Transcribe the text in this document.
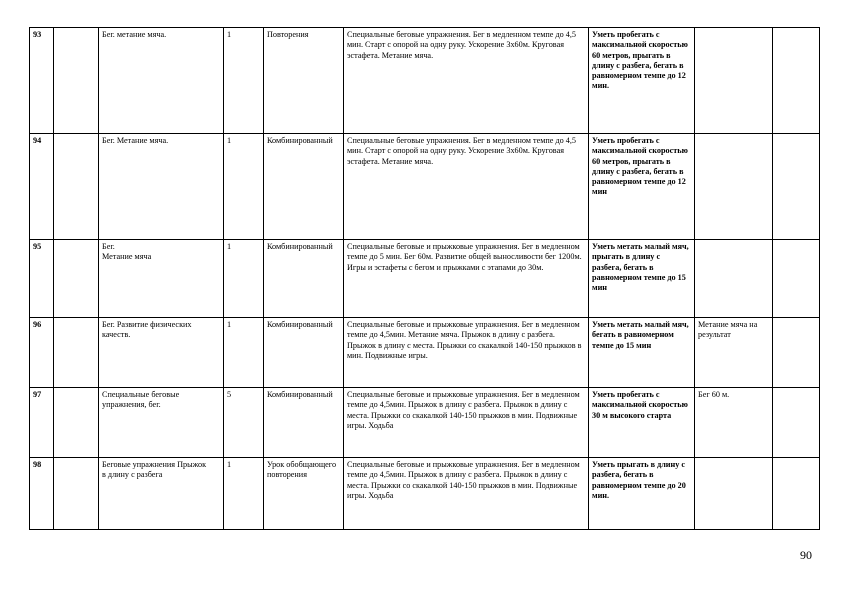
93		Бег. метание мяча.	1	Повторения	Специальные беговые упражнения. Бег в медленном темпе до 4,5 мин. Старт с опорой на одну руку. Ускорение 3х60м. Круговая эстафета. Метание мяча.	Уметь пробегать с максимальной скоростью 60 метров, прыгать в длину с разбега, бегать в равномерном темпе до 12 мин.		
94		Бег. Метание мяча.	1	Комбинированный	Специальные беговые упражнения. Бег в медленном темпе до 4,5 мин. Старт с опорой на одну руку. Ускорение 3х60м. Круговая эстафета. Метание мяча.	Уметь пробегать с максимальной скоростью 60 метров, прыгать в длину с разбега, бегать в равномерном темпе до 12 мин		
95		Бег.
Метание мяча	1	Комбинированный	Специальные беговые и прыжковые упражнения. Бег в медленном темпе до 5 мин. Бег 60м. Развитие общей выносливости бег 1200м. Игры и эстафеты с бегом и прыжками с этапами до 30м.	Уметь метать малый мяч, прыгать в длину с разбега, бегать в равномерном темпе до 15 мин		
96		Бег. Развитие физических качеств.	1	Комбинированный	Специальные беговые и прыжковые упражнения. Бег в медленном темпе до 4,5мин. Метание мяча. Прыжок в длину с разбега. Прыжок в длину с места. Прыжки со скакалкой 140-150 прыжков в мин. Подвижные игры.	Уметь метать малый мяч, бегать в равномерном темпе до 15 мин	Метание мяча на результат	
97		Специальные беговые упражнения, бег.	5	Комбинированный	Специальные беговые и прыжковые упражнения. Бег в медленном темпе до 4,5мин. Прыжок в длину с разбега. Прыжок в длину с места. Прыжки со скакалкой 140-150 прыжков в мин. Подвижные игры. Ходьба	Уметь пробегать с максимальной скоростью 30 м высокого старта	Бег 60 м.	
98		Беговые упражнения Прыжок
в длину с разбега	1	Урок обобщающего повторения	Специальные беговые и прыжковые упражнения. Бег в медленном темпе до 4,5мин. Прыжок в длину с разбега. Прыжок в длину с места. Прыжки со скакалкой 140-150 прыжков в мин. Подвижные игры. Ходьба	Уметь прыгать в длину с разбега, бегать в равномерном темпе до 20 мин.		
90
